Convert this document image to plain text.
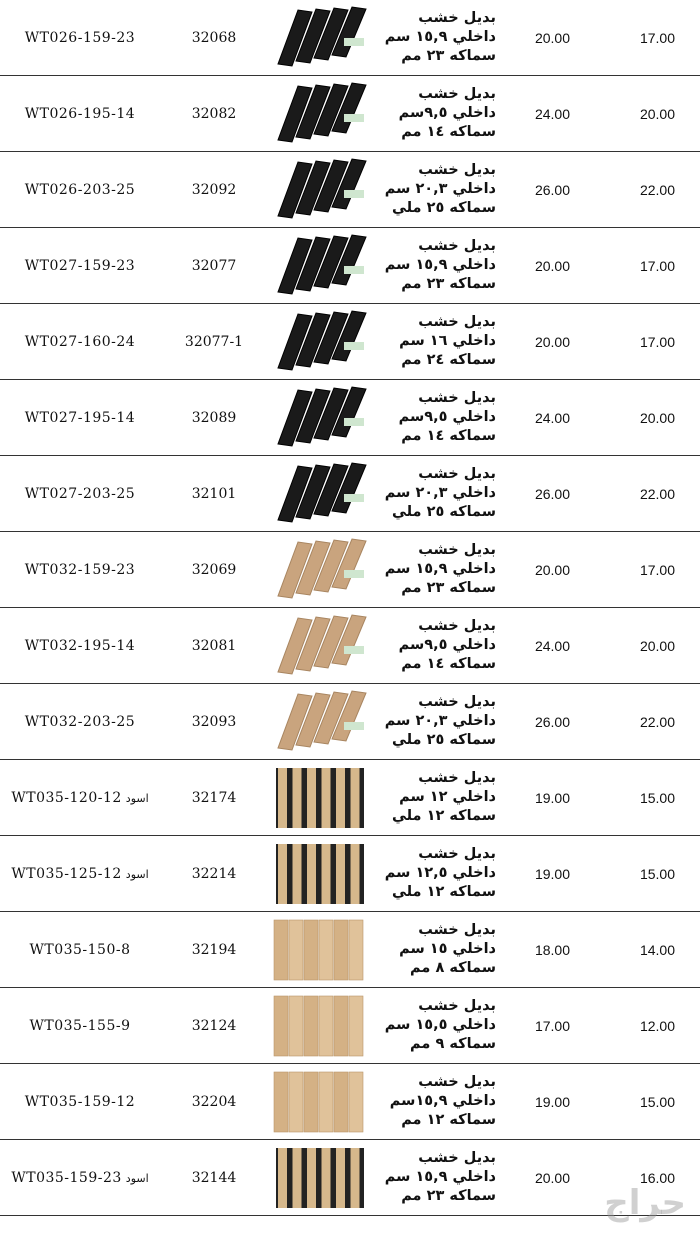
WT026-159-23	32068		بديل خشب داخلي ١٥,٩ سم سماكه ٢٣ مم	20.00	17.00
WT026-195-14	32082		بديل خشب داخلي ٩,٥سم سماكه ١٤ مم	24.00	20.00
WT026-203-25	32092		بديل خشب داخلي ٢٠,٣ سم سماكه ٢٥ ملي	26.00	22.00
WT027-159-23	32077		بديل خشب داخلي ١٥,٩ سم سماكه ٢٣ مم	20.00	17.00
WT027-160-24	32077-1		بديل خشب داخلي ١٦ سم سماكه ٢٤ مم	20.00	17.00
WT027-195-14	32089		بديل خشب داخلي ٩,٥سم سماكه ١٤ مم	24.00	20.00
WT027-203-25	32101		بديل خشب داخلي ٢٠,٣ سم سماكه ٢٥ ملي	26.00	22.00
WT032-159-23	32069		بديل خشب داخلي ١٥,٩ سم سماكه ٢٣ مم	20.00	17.00
WT032-195-14	32081		بديل خشب داخلي ٩,٥سم سماكه ١٤ مم	24.00	20.00
WT032-203-25	32093		بديل خشب داخلي ٢٠,٣ سم سماكه ٢٥ ملي	26.00	22.00
WT035-120-12 اسود	32174		بديل خشب داخلي ١٢ سم سماكه ١٢ ملي	19.00	15.00
WT035-125-12 اسود	32214		بديل خشب داخلي ١٢,٥ سم سماكه ١٢ ملي	19.00	15.00
WT035-150-8	32194		بديل خشب داخلي ١٥ سم سماكه ٨ مم	18.00	14.00
WT035-155-9	32124		بديل خشب داخلي ١٥,٥ سم سماكه ٩ مم	17.00	12.00
WT035-159-12	32204		بديل خشب داخلي ١٥,٩سم سماكه ١٢ مم	19.00	15.00
WT035-159-23 اسود	32144		بديل خشب داخلي ١٥,٩ سم سماكه ٢٣ مم	20.00	16.00
حراج
